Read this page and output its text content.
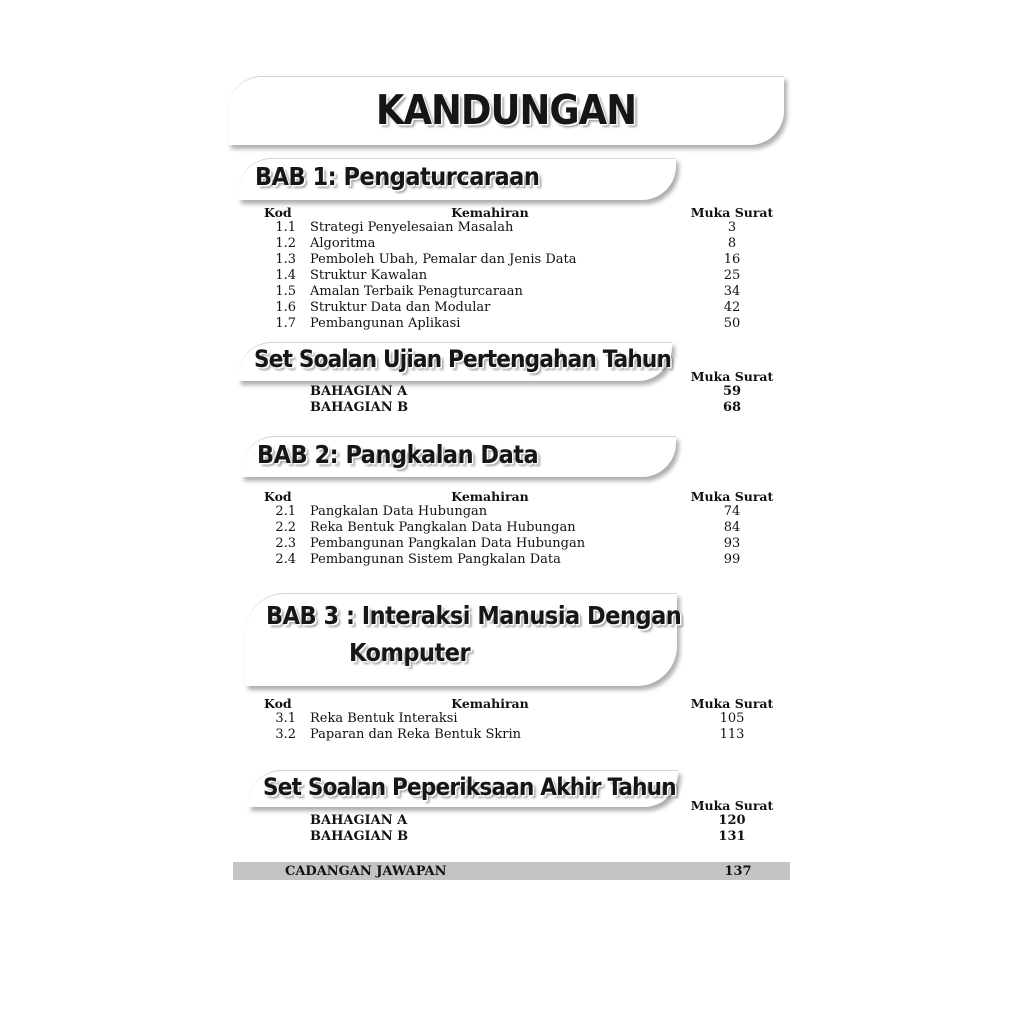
KANDUNGAN
BAB 1: Pengaturcaraan
Kod	Kemahiran	Muka Surat
1.1 Strategi Penyelesaian Masalah	3
1.2 Algoritma	8
1.3 Pemboleh Ubah, Pemalar dan Jenis Data	16
1.4 Struktur Kawalan	25
1.5 Amalan Terbaik Penagturcaraan	34
1.6 Struktur Data dan Modular	42
1.7 Pembangunan Aplikasi	50
Set Soalan Ujian Pertengahan Tahun
Muka Surat
BAHAGIAN A	59
BAHAGIAN B	68
BAB 2: Pangkalan Data
Kod	Kemahiran	Muka Surat
2.1 Pangkalan Data Hubungan	74
2.2 Reka Bentuk Pangkalan Data Hubungan	84
2.3 Pembangunan Pangkalan Data Hubungan	93
2.4 Pembangunan Sistem Pangkalan Data	99
BAB 3 : Interaksi Manusia Dengan
Komputer
Kod	Kemahiran	Muka Surat
3.1 Reka Bentuk Interaksi	105
3.2 Paparan dan Reka Bentuk Skrin	113
Set Soalan Peperiksaan Akhir Tahun
Muka Surat
BAHAGIAN A	120
BAHAGIAN B	131
CADANGAN JAWAPAN	137
